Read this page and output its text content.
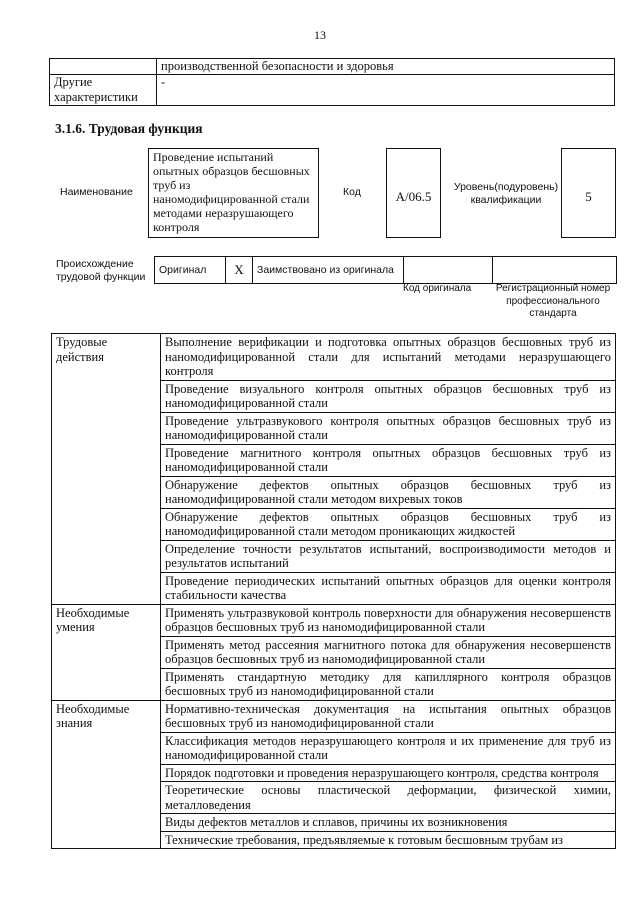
13
	производственной безопасности и здоровья
Другие характеристики	-
3.1.6. Трудовая функция
Наименование
Проведение испытаний опытных образцов бесшовных труб из наномодифицированной стали методами неразрушающего контроля
Код	A/06.5
Уровень(подуровень) квалификации	5
Происхождение трудовой функции
Оригинал	X	Заимствовано из оригинала		
Код оригинала	Регистрационный номер профессионального стандарта
Трудовые действия	Выполнение верификации и подготовка опытных образцов бесшовных труб из наномодифицированной стали для испытаний методами неразрушающего контроля
	Проведение визуального контроля опытных образцов бесшовных труб из наномодифицированной стали
	Проведение ультразвукового контроля опытных образцов бесшовных труб из наномодифицированной стали
	Проведение магнитного контроля опытных образцов бесшовных труб из наномодифицированной стали
	Обнаружение дефектов опытных образцов бесшовных труб из наномодифицированной стали методом вихревых токов
	Обнаружение дефектов опытных образцов бесшовных труб из наномодифицированной стали методом проникающих жидкостей
	Определение точности результатов испытаний, воспроизводимости методов и результатов испытаний
	Проведение периодических испытаний опытных образцов для оценки контроля стабильности качества
Необходимые умения	Применять ультразвуковой контроль поверхности для обнаружения несовершенств образцов бесшовных труб из наномодифицированной стали
	Применять метод рассеяния магнитного потока для обнаружения несовершенств образцов бесшовных труб из наномодифицированной стали
	Применять стандартную методику для капиллярного контроля образцов бесшовных труб из наномодифицированной стали
Необходимые знания	Нормативно-техническая документация на испытания опытных образцов бесшовных труб из наномодифицированной стали
	Классификация методов неразрушающего контроля и их применение для труб из наномодифицированной стали
	Порядок подготовки и проведения неразрушающего контроля, средства контроля
	Теоретические основы пластической деформации, физической химии, металловедения
	Виды дефектов металлов и сплавов, причины их возникновения
	Технические требования, предъявляемые к готовым бесшовным трубам из
